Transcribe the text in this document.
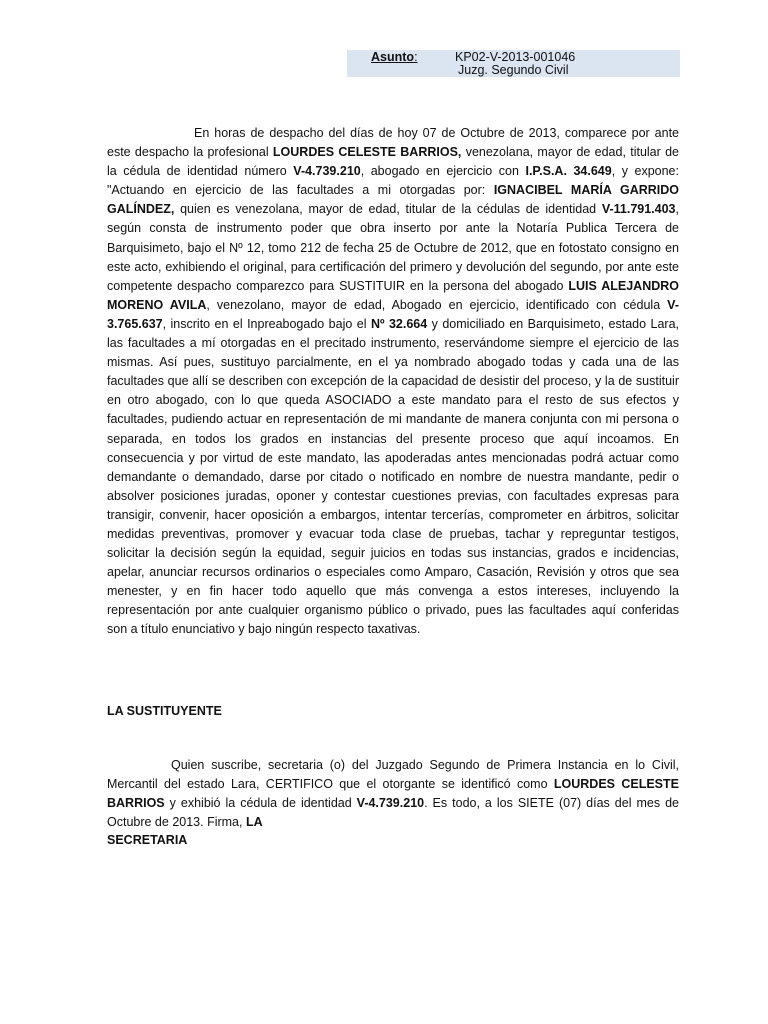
Asunto:	KP02-V-2013-001046
Juzg. Segundo Civil
En horas de despacho del días de hoy 07 de Octubre de 2013, comparece por ante este despacho la profesional LOURDES CELESTE BARRIOS, venezolana, mayor de edad, titular de la cédula de identidad número V-4.739.210, abogado en ejercicio con I.P.S.A. 34.649, y expone: "Actuando en ejercicio de las facultades a mi otorgadas por: IGNACIBEL MARÍA GARRIDO GALÍNDEZ, quien es venezolana, mayor de edad, titular de la cédulas de identidad V-11.791.403, según consta de instrumento poder que obra inserto por ante la Notaría Publica Tercera de Barquisimeto, bajo el Nº 12, tomo 212 de fecha 25 de Octubre de 2012, que en fotostato consigno en este acto, exhibiendo el original, para certificación del primero y devolución del segundo, por ante este competente despacho comparezco para SUSTITUIR en la persona del abogado LUIS ALEJANDRO MORENO AVILA, venezolano, mayor de edad, Abogado en ejercicio, identificado con cédula V-3.765.637, inscrito en el Inpreabogado bajo el Nº 32.664 y domiciliado en Barquisimeto, estado Lara, las facultades a mí otorgadas en el precitado instrumento, reservándome siempre el ejercicio de las mismas. Así pues, sustituyo parcialmente, en el ya nombrado abogado todas y cada una de las facultades que allí se describen con excepción de la capacidad de desistir del proceso, y la de sustituir en otro abogado, con lo que queda ASOCIADO a este mandato para el resto de sus efectos y facultades, pudiendo actuar en representación de mi mandante de manera conjunta con mi persona o separada, en todos los grados en instancias del presente proceso que aquí incoamos. En consecuencia y por virtud de este mandato, las apoderadas antes mencionadas podrá actuar como demandante o demandado, darse por citado o notificado en nombre de nuestra mandante, pedir o absolver posiciones juradas, oponer y contestar cuestiones previas, con facultades expresas para transigir, convenir, hacer oposición a embargos, intentar tercerías, comprometer en árbitros, solicitar medidas preventivas, promover y evacuar toda clase de pruebas, tachar y repreguntar testigos, solicitar la decisión según la equidad, seguir juicios en todas sus instancias, grados e incidencias, apelar, anunciar recursos ordinarios o especiales como Amparo, Casación, Revisión y otros que sea menester, y en fin hacer todo aquello que más convenga a estos intereses, incluyendo la representación por ante cualquier organismo público o privado, pues las facultades aquí conferidas son a título enunciativo y bajo ningún respecto taxativas.
LA SUSTITUYENTE
Quien suscribe, secretaria (o) del Juzgado Segundo de Primera Instancia en lo Civil, Mercantil del estado Lara, CERTIFICO que el otorgante se identificó como LOURDES CELESTE BARRIOS y exhibió la cédula de identidad V-4.739.210. Es todo, a los SIETE (07) días del mes de Octubre de 2013. Firma, LA
SECRETARIA
